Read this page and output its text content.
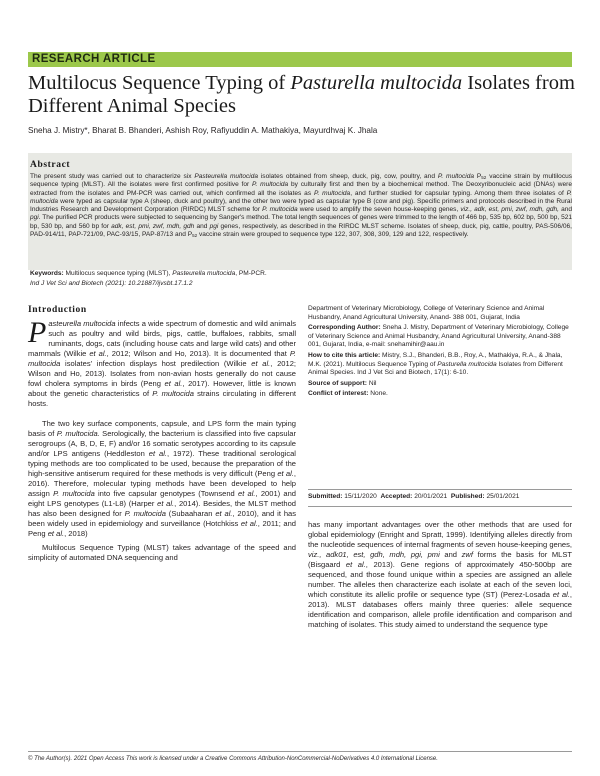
RESEARCH ARTICLE
Multilocus Sequence Typing of Pasturella multocida Isolates from Different Animal Species
Sneha J. Mistry*, Bharat B. Bhanderi, Ashish Roy, Rafiyuddin A. Mathakiya, Mayurdhvaj K. Jhala
Abstract
The present study was carried out to characterize six Pasteurella multocida isolates obtained from sheep, duck, pig, cow, poultry, and P. multocida $P_{52}$ vaccine strain by multilocus sequence typing (MLST). All the isolates were first confirmed positive for P. multocida by culturally first and then by a biochemical method. The Deoxyribonucleic acid (DNAs) were extracted from the isolates and PM-PCR was carried out, which confirmed all the isolates as P. multocida, and further studied for capsular typing. Among them three isolates of P. multocida were typed as capsular type A (sheep, duck and poultry), and the other two were typed as capsular type B (cow and pig). Specific primers and protocols described in the Rural Industries Research and Development Corporation (RIRDC) MLST scheme for P. multocida were used to amplify the seven house-keeping genes, viz., adk, est, pmi, zwf, mdh, gdh, and pgi. The purified PCR products were subjected to sequencing by Sanger's method. The total length sequences of genes were trimmed to the length of 466 bp, 535 bp, 602 bp, 500 bp, 521 bp, 530 bp, and 560 bp for adk, est, pmi, zwf, mdh, gdh and pgi genes, respectively, as described in the RIRDC MLST scheme. Isolates of sheep, duck, pig, cattle, poultry, PAS-506/06, PAD-914/11, PAP-721/09, PAC-93/15, PAP-87/13 and $P_{52}$ vaccine strain were grouped to sequence type 122, 307, 308, 309, 129 and 122, respectively.
Keywords: Multilocus sequence typing (MLST), Pasteurella multocida, PM-PCR.
Ind J Vet Sci and Biotech (2021): 10.21887/ijvsbt.17.1.2
Introduction

Pasteurella multocida infects a wide spectrum of domestic and wild animals such as poultry and wild birds, pigs, cattle, buffaloes, rabbits, small ruminants, dogs, cats (including house cats and large wild cats) and other mammals (Wilkie et al., 2012; Wilson and Ho, 2013). It is documented that P. multocida isolates' infection displays host predilection (Wilkie et al., 2012; Wilson and Ho, 2013). Isolates from non-avian hosts generally do not cause fowl cholera symptoms in birds (Peng et al., 2017). However, little is known about the genetic characteristics of P. multocida strains circulating in different hosts.

The two key surface components, capsule, and LPS form the main typing basis of P. multocida. Serologically, the bacterium is classified into five capsular serogroups (A, B, D, E, F) and/or 16 somatic serotypes according to its capsule and/or LPS antigens (Heddleston et al., 1972). These traditional serological typing methods are too complicated to be used, because the preparation of the high-sensitive antiserum required for these methods is very difficult (Peng et al., 2016). Therefore, molecular typing methods have been developed to help assign P. multocida into five capsular genotypes (Townsend et al., 2001) and eight LPS genotypes (L1-L8) (Harper et al., 2014). Besides, the MLST method has also been designed for P. multocida (Subaaharan et al., 2010), and it has been widely used in epidemiology and surveillance (Hotchkiss et al., 2011; and Peng et al., 2018)

Multilocus Sequence Typing (MLST) takes advantage of the speed and simplicity of automated DNA sequencing and

Department of Veterinary Microbiology, College of Veterinary Science and Animal Husbandry, Anand Agricultural University, Anand- 388 001, Gujarat, India

Corresponding Author: Sneha J. Mistry, Department of Veterinary Microbiology, College of Veterinary Science and Animal Husbandry, Anand Agricultural University, Anand-388 001, Gujarat, India, e-mail: snehamihir@aau.in

How to cite this article: Mistry, S.J., Bhanderi, B.B., Roy, A., Mathakiya, R.A., & Jhala, M.K. (2021). Multilocus Sequence Typing of Pasturella multocida Isolates from Different Animal Species. Ind J Vet Sci and Biotech, 17(1): 6-10.

Source of support: Nil

Conflict of interest: None.

Submitted: 15/11/2020 Accepted: 20/01/2021 Published: 25/01/2021

has many important advantages over the other methods that are used for global epidemiology (Enright and Spratt, 1999). Identifying alleles directly from the nucleotide sequences of internal fragments of seven house-keeping genes, viz., adk01, est, gdh, mdh, pgi, pmi and zwf forms the basis for MLST (Bisgaard et al., 2013). Gene regions of approximately 450-500bp are sequenced, and those found unique within a species are assigned an allele number. The alleles then characterize each isolate at each of the seven loci, which constitute its allelic profile or sequence type (ST) (Perez-Losada et al., 2013). MLST databases offers mainly three queries: allele sequence identification and comparison, allele profile identification and comparison and matching of isolates. This study aimed to understand the sequence type

© The Author(s). 2021 Open Access This work is licensed under a Creative Commons Attribution-NonCommercial-NoDerivatives 4.0 International License.
